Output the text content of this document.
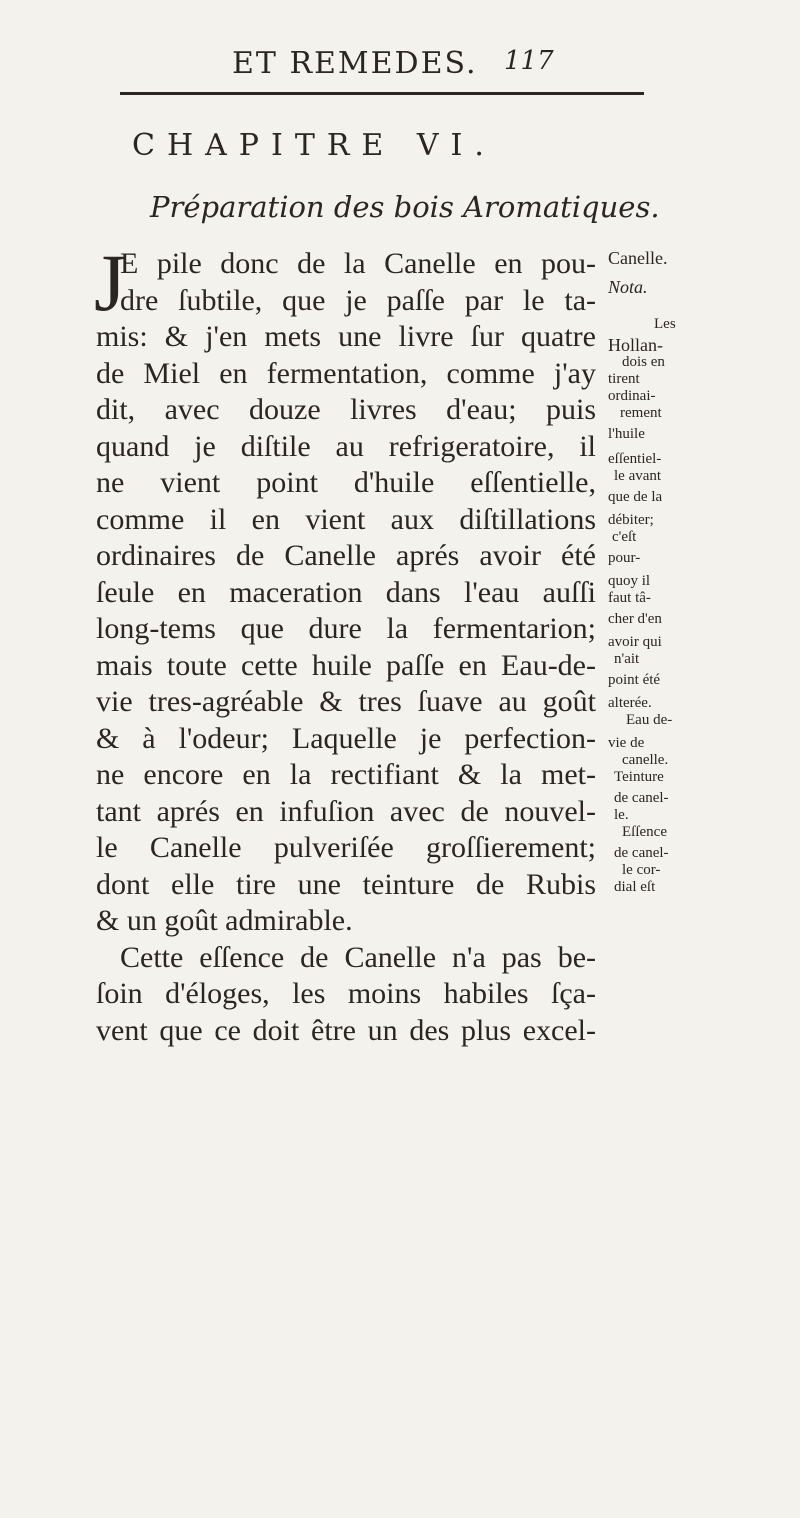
ET REMEDES. 117
CHAPITRE VI.
Préparation des bois Aromatiques.
J
E pile donc de la Canelle en pou-
dre ſubtile, que je paſſe par le ta-
mis: & j'en mets une livre ſur quatre
de Miel en fermentation, comme j'ay
dit, avec douze livres d'eau; puis
quand je diſtile au refrigeratoire, il
ne vient point d'huile eſſentielle,
comme il en vient aux diſtillations
ordinaires de Canelle aprés avoir été
ſeule en maceration dans l'eau auſſi
long-tems que dure la fermentarion;
mais toute cette huile paſſe en Eau-de-
vie tres-agréable & tres ſuave au goût
& à l'odeur; Laquelle je perfection-
ne encore en la rectifiant & la met-
tant aprés en infuſion avec de nouvel-
le Canelle pulveriſée groſſierement;
dont elle tire une teinture de Rubis
& un goût admirable.
Cette eſſence de Canelle n'a pas be-
ſoin d'éloges, les moins habiles ſça-
vent que ce doit être un des plus excel-
Canelle.
Nota.
Les
Hollan-
dois en
tirent
ordinai-
rement
l'huile
eſſentiel-
le avant
que de la
débiter;
c'eſt
pour-
quoy il
faut tâ-
cher d'en
avoir qui
n'ait
point été
alterée.
Eau de-
vie de
canelle.
Teinture
de canel-
le.
Eſſence
de canel-
le cor-
dial eſt
